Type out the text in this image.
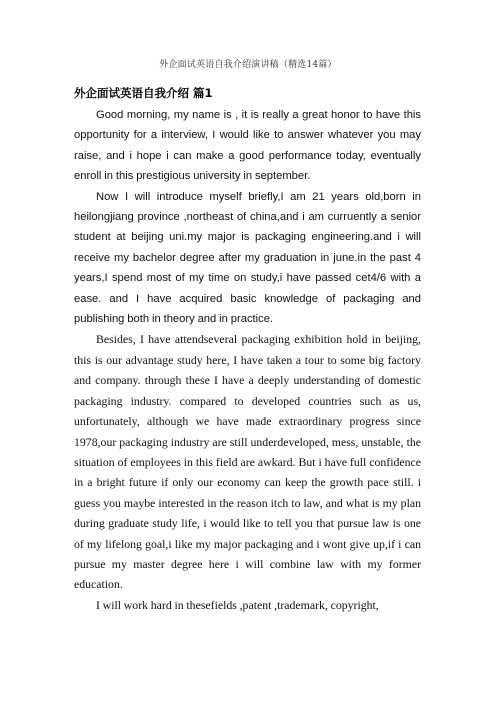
外企面试英语自我介绍演讲稿（精选14篇）
外企面试英语自我介绍 篇1

Good morning, my name is , it is really a great honor to have this opportunity for a interview, I would like to answer whatever you may raise, and i hope i can make a good performance today, eventually enroll in this prestigious university in september.

Now I will introduce myself briefly,I am 21 years old,born in heilongjiang province ,northeast of china,and i am curruently a senior student at beijing uni.my major is packaging engineering.and i will receive my bachelor degree after my graduation in june.in the past 4 years,I spend most of my time on study,i have passed cet4/6 with a ease. and I have acquired basic knowledge of packaging and publishing both in theory and in practice.

Besides, I have attendseveral packaging exhibition hold in beijing, this is our advantage study here, I have taken a tour to some big factory and company. through these I have a deeply understanding of domestic packaging industry. compared to developed countries such as us, unfortunately, although we have made extraordinary progress since 1978,our packaging industry are still underdeveloped, mess, unstable, the situation of employees in this field are awkard. But i have full confidence in a bright future if only our economy can keep the growth pace still. i guess you maybe interested in the reason itch to law, and what is my plan during graduate study life, i would like to tell you that pursue law is one of my lifelong goal,i like my major packaging and i wont give up,if i can pursue my master degree here i will combine law with my former education.

I will work hard in thesefields ,patent ,trademark, copyright,
